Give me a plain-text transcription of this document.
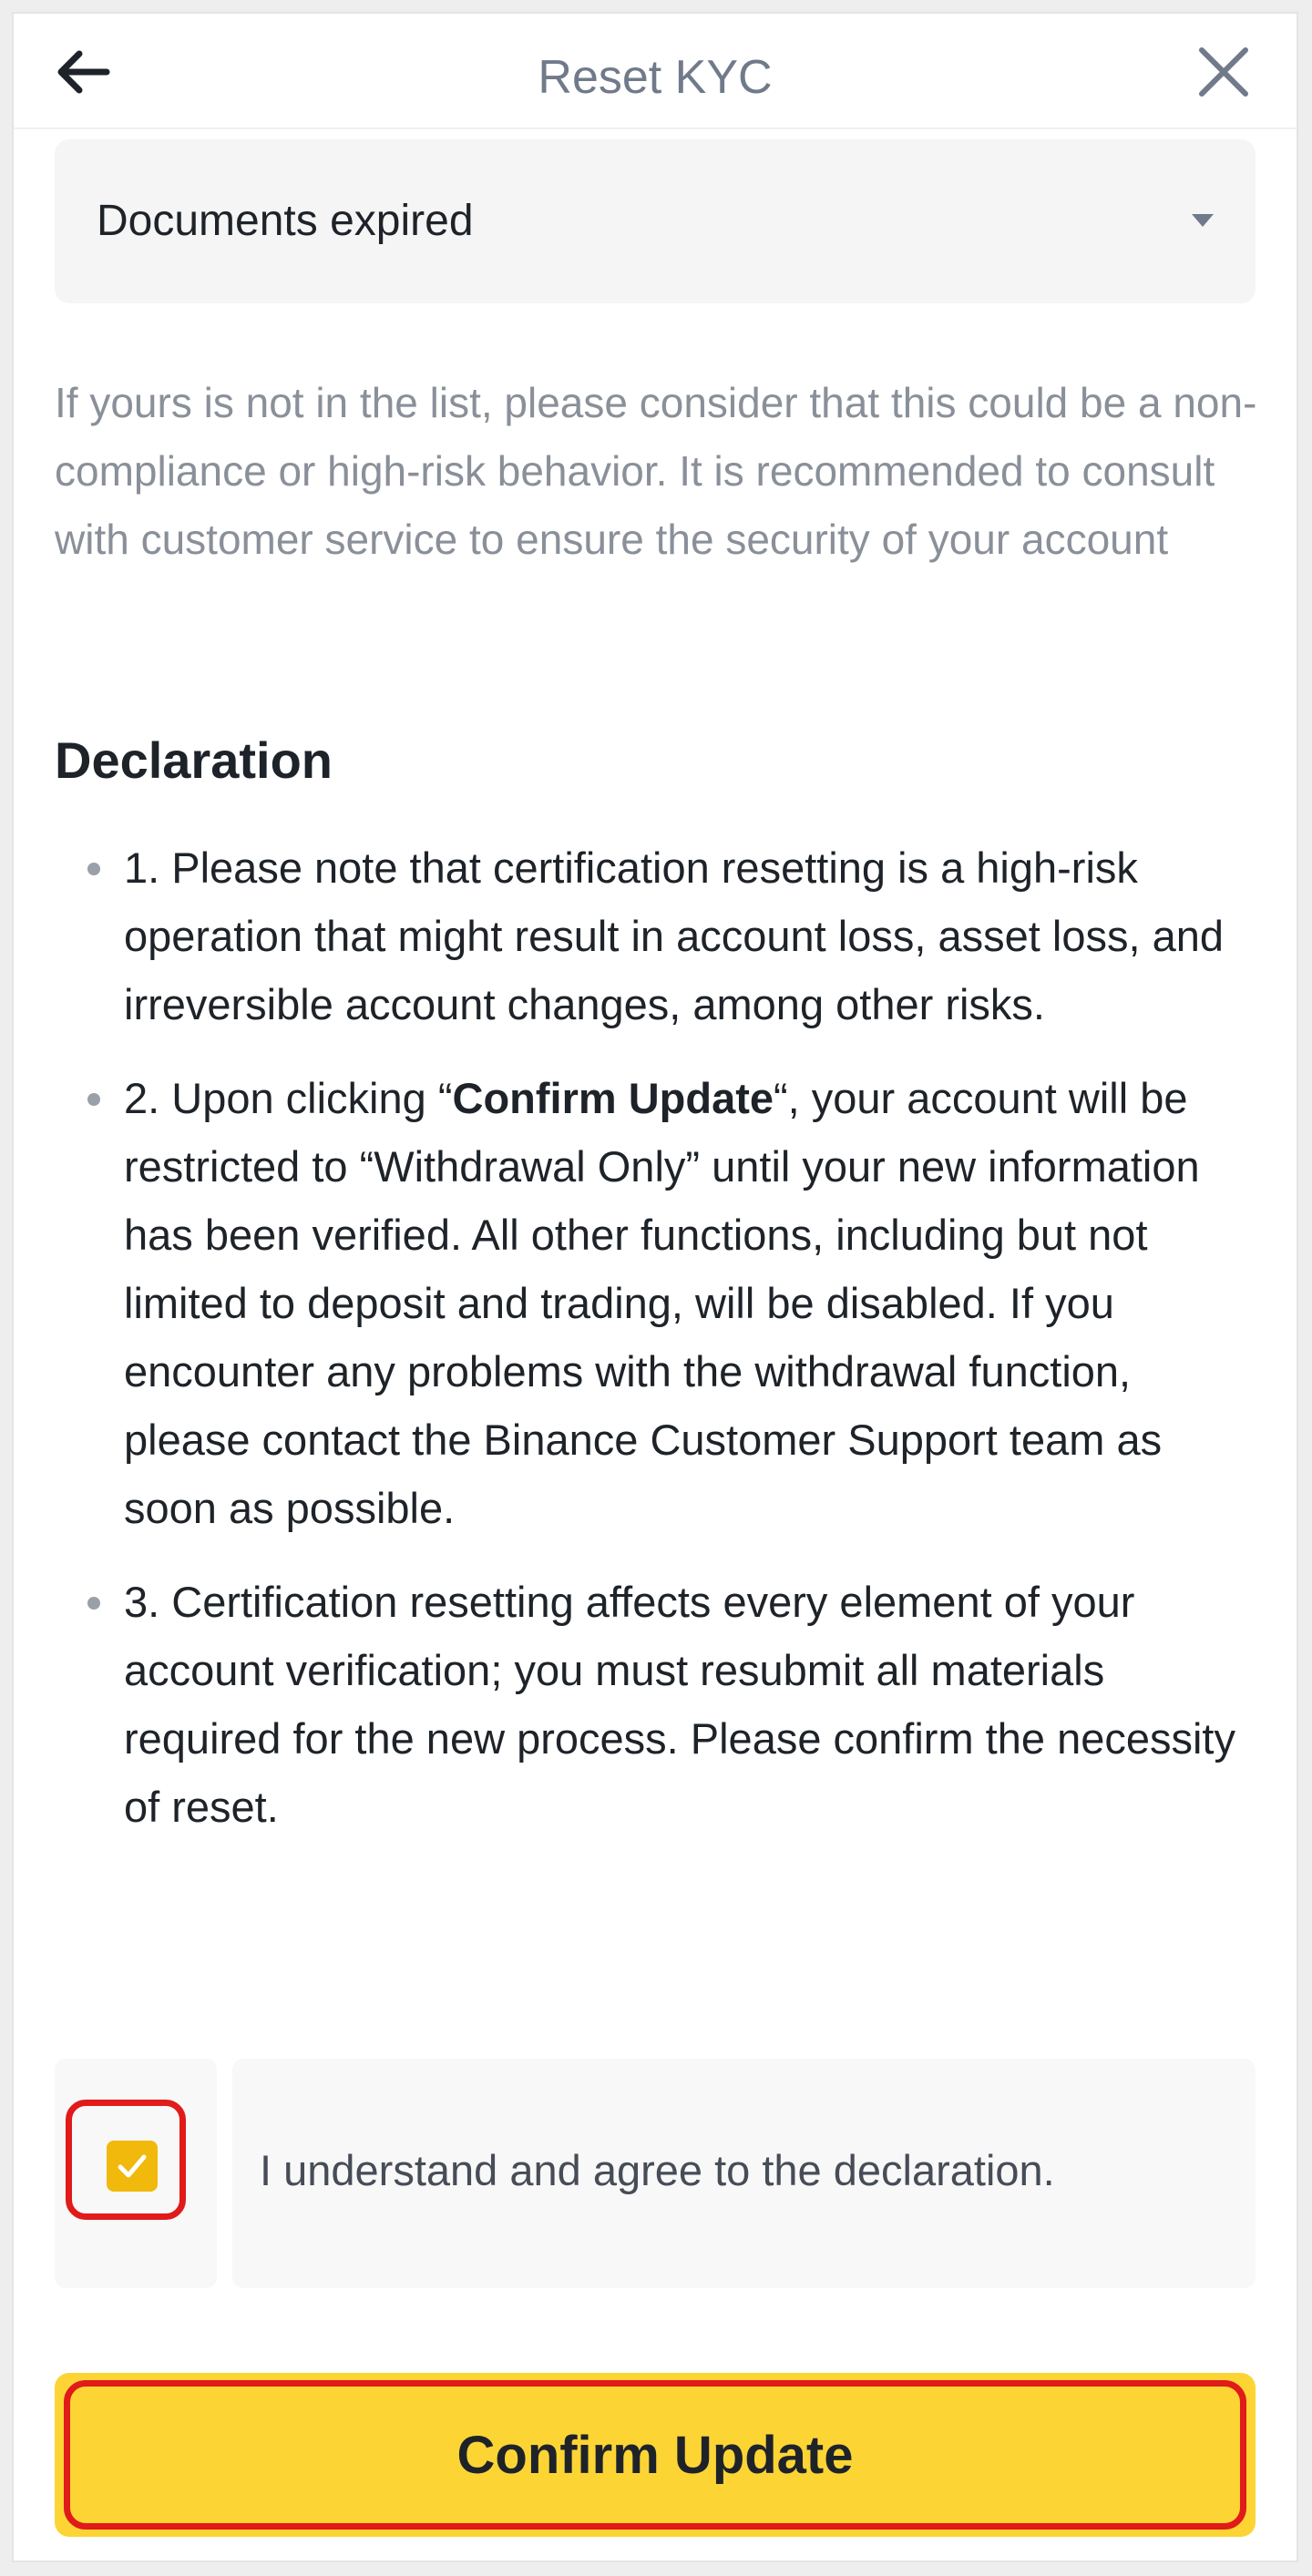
Reset KYC
Documents expired

If yours is not in the list, please consider that this could be a non-compliance or high-risk behavior. It is recommended to consult with customer service to ensure the security of your account

Declaration
1. Please note that certification resetting is a high-risk operation that might result in account loss, asset loss, and irreversible account changes, among other risks.
2. Upon clicking “Confirm Update“, your account will be restricted to “Withdrawal Only” until your new information has been verified. All other functions, including but not limited to deposit and trading, will be disabled. If you encounter any problems with the withdrawal function, please contact the Binance Customer Support team as soon as possible.
3. Certification resetting affects every element of your account verification; you must resubmit all materials required for the new process. Please confirm the necessity of reset.
I understand and agree to the declaration.
Confirm Update
